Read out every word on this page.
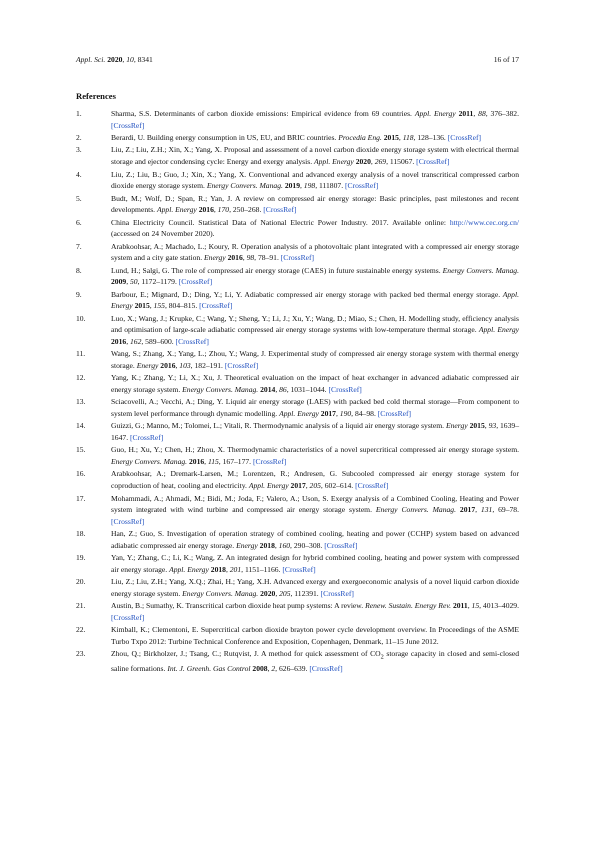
Appl. Sci. 2020, 10, 8341	16 of 17
References
1.	Sharma, S.S. Determinants of carbon dioxide emissions: Empirical evidence from 69 countries. Appl. Energy 2011, 88, 376–382. [CrossRef]
2.	Berardi, U. Building energy consumption in US, EU, and BRIC countries. Procedia Eng. 2015, 118, 128–136. [CrossRef]
3.	Liu, Z.; Liu, Z.H.; Xin, X.; Yang, X. Proposal and assessment of a novel carbon dioxide energy storage system with electrical thermal storage and ejector condensing cycle: Energy and exergy analysis. Appl. Energy 2020, 269, 115067. [CrossRef]
4.	Liu, Z.; Liu, B.; Guo, J.; Xin, X.; Yang, X. Conventional and advanced exergy analysis of a novel transcritical compressed carbon dioxide energy storage system. Energy Convers. Manag. 2019, 198, 111807. [CrossRef]
5.	Budt, M.; Wolf, D.; Span, R.; Yan, J. A review on compressed air energy storage: Basic principles, past milestones and recent developments. Appl. Energy 2016, 170, 250–268. [CrossRef]
6.	China Electricity Council. Statistical Data of National Electric Power Industry. 2017. Available online: http://www.cec.org.cn/ (accessed on 24 November 2020).
7.	Arabkoohsar, A.; Machado, L.; Koury, R. Operation analysis of a photovoltaic plant integrated with a compressed air energy storage system and a city gate station. Energy 2016, 98, 78–91. [CrossRef]
8.	Lund, H.; Salgi, G. The role of compressed air energy storage (CAES) in future sustainable energy systems. Energy Convers. Manag. 2009, 50, 1172–1179. [CrossRef]
9.	Barbour, E.; Mignard, D.; Ding, Y.; Li, Y. Adiabatic compressed air energy storage with packed bed thermal energy storage. Appl. Energy 2015, 155, 804–815. [CrossRef]
10.	Luo, X.; Wang, J.; Krupke, C.; Wang, Y.; Sheng, Y.; Li, J.; Xu, Y.; Wang, D.; Miao, S.; Chen, H. Modelling study, efficiency analysis and optimisation of large-scale adiabatic compressed air energy storage systems with low-temperature thermal storage. Appl. Energy 2016, 162, 589–600. [CrossRef]
11.	Wang, S.; Zhang, X.; Yang, L.; Zhou, Y.; Wang, J. Experimental study of compressed air energy storage system with thermal energy storage. Energy 2016, 103, 182–191. [CrossRef]
12.	Yang, K.; Zhang, Y.; Li, X.; Xu, J. Theoretical evaluation on the impact of heat exchanger in advanced adiabatic compressed air energy storage system. Energy Convers. Manag. 2014, 86, 1031–1044. [CrossRef]
13.	Sciacovelli, A.; Vecchi, A.; Ding, Y. Liquid air energy storage (LAES) with packed bed cold thermal storage—From component to system level performance through dynamic modelling. Appl. Energy 2017, 190, 84–98. [CrossRef]
14.	Guizzi, G.; Manno, M.; Tolomei, L.; Vitali, R. Thermodynamic analysis of a liquid air energy storage system. Energy 2015, 93, 1639–1647. [CrossRef]
15.	Guo, H.; Xu, Y.; Chen, H.; Zhou, X. Thermodynamic characteristics of a novel supercritical compressed air energy storage system. Energy Convers. Manag. 2016, 115, 167–177. [CrossRef]
16.	Arabkoohsar, A.; Dremark-Larsen, M.; Lorentzen, R.; Andresen, G. Subcooled compressed air energy storage system for coproduction of heat, cooling and electricity. Appl. Energy 2017, 205, 602–614. [CrossRef]
17.	Mohammadi, A.; Ahmadi, M.; Bidi, M.; Joda, F.; Valero, A.; Uson, S. Exergy analysis of a Combined Cooling, Heating and Power system integrated with wind turbine and compressed air energy storage system. Energy Convers. Manag. 2017, 131, 69–78. [CrossRef]
18.	Han, Z.; Guo, S. Investigation of operation strategy of combined cooling, heating and power (CCHP) system based on advanced adiabatic compressed air energy storage. Energy 2018, 160, 290–308. [CrossRef]
19.	Yan, Y.; Zhang, C.; Li, K.; Wang, Z. An integrated design for hybrid combined cooling, heating and power system with compressed air energy storage. Appl. Energy 2018, 201, 1151–1166. [CrossRef]
20.	Liu, Z.; Liu, Z.H.; Yang, X.Q.; Zhai, H.; Yang, X.H. Advanced exergy and exergoeconomic analysis of a novel liquid carbon dioxide energy storage system. Energy Convers. Manag. 2020, 205, 112391. [CrossRef]
21.	Austin, B.; Sumathy, K. Transcritical carbon dioxide heat pump systems: A review. Renew. Sustain. Energy Rev. 2011, 15, 4013–4029. [CrossRef]
22.	Kimball, K.; Clementoni, E. Supercritical carbon dioxide brayton power cycle development overview. In Proceedings of the ASME Turbo Txpo 2012: Turbine Technical Conference and Exposition, Copenhagen, Denmark, 11–15 June 2012.
23.	Zhou, Q.; Birkholzer, J.; Tsang, C.; Rutqvist, J. A method for quick assessment of $CO_2$ storage capacity in closed and semi-closed saline formations. Int. J. Greenh. Gas Control 2008, 2, 626–639. [CrossRef]
